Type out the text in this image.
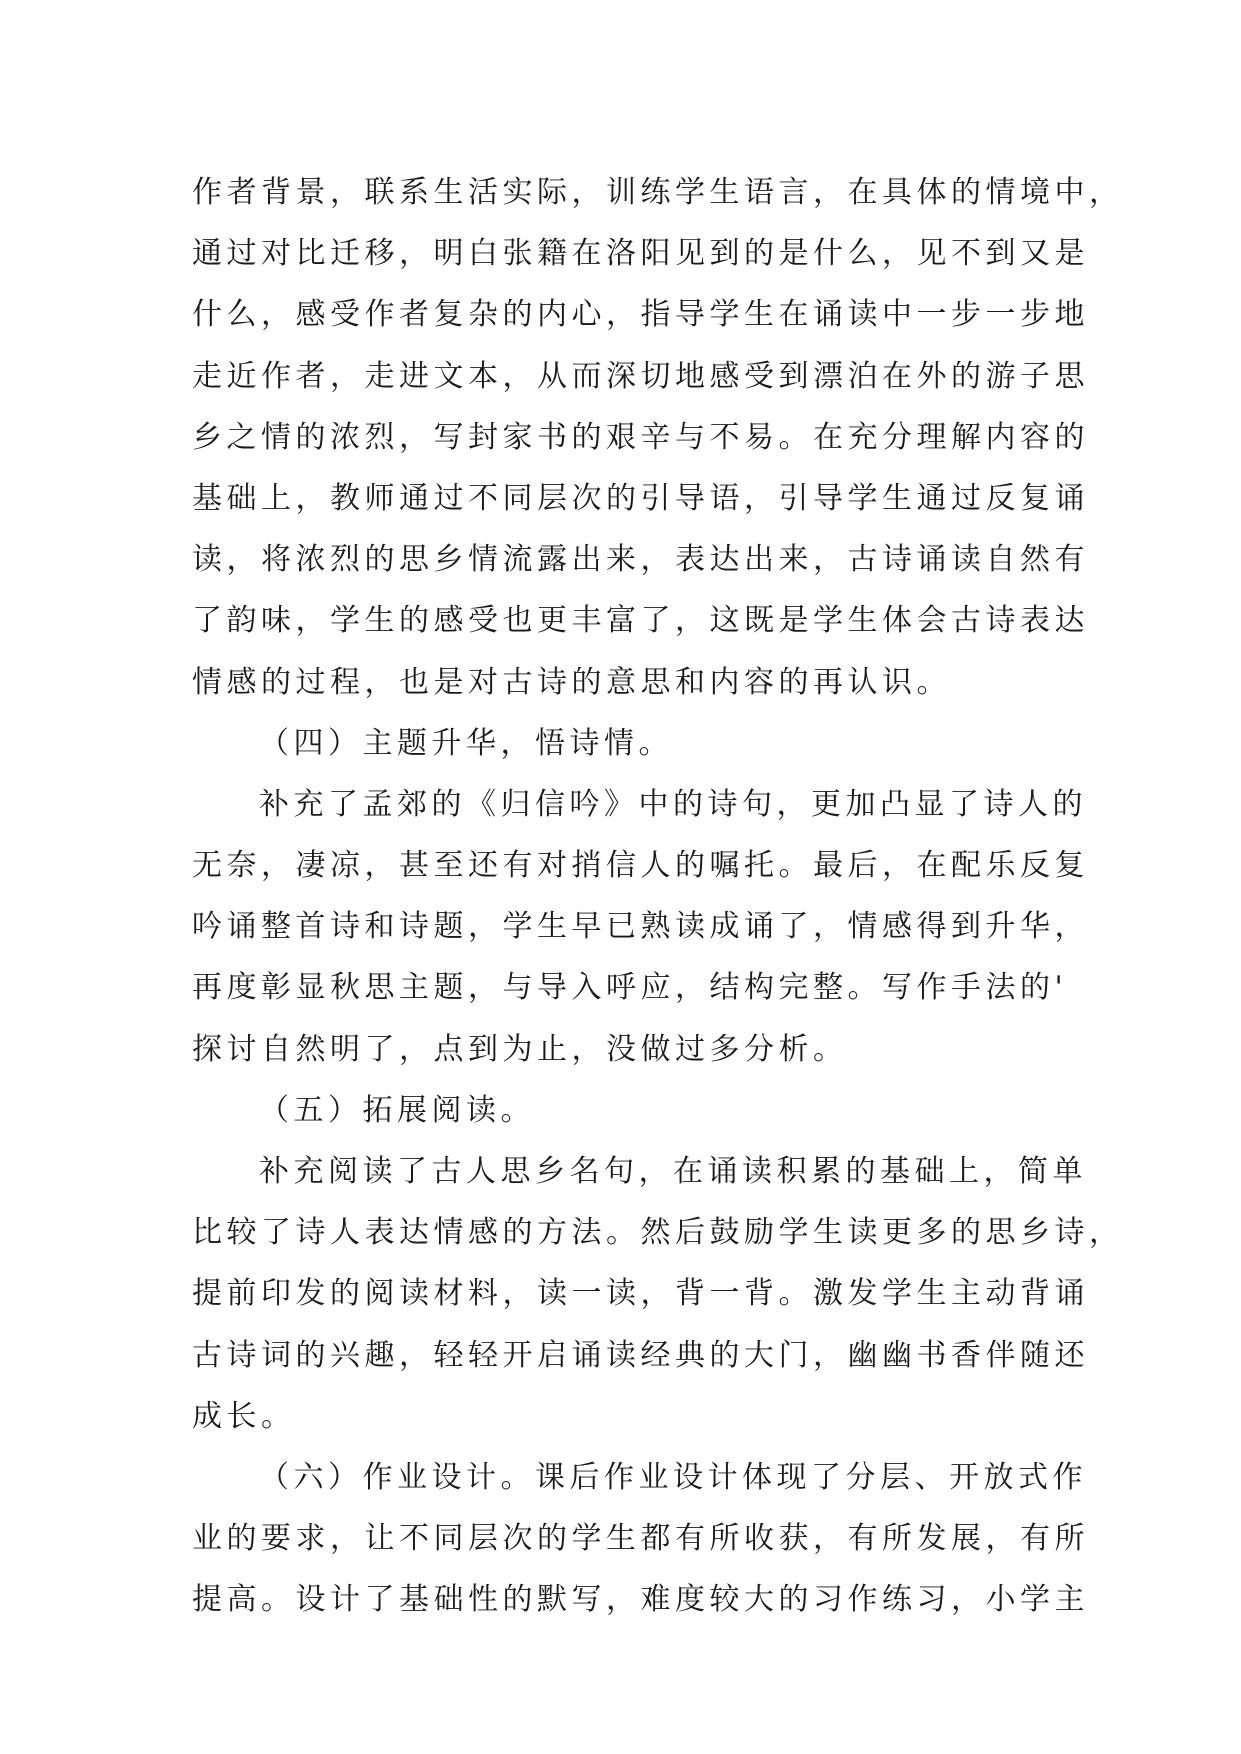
作者背景，联系生活实际，训练学生语言，在具体的情境中，
通过对比迁移，明白张籍在洛阳见到的是什么，见不到又是
什么，感受作者复杂的内心，指导学生在诵读中一步一步地
走近作者，走进文本，从而深切地感受到漂泊在外的游子思
乡之情的浓烈，写封家书的艰辛与不易。在充分理解内容的
基础上，教师通过不同层次的引导语，引导学生通过反复诵
读，将浓烈的思乡情流露出来，表达出来，古诗诵读自然有
了韵味，学生的感受也更丰富了，这既是学生体会古诗表达
情感的过程，也是对古诗的意思和内容的再认识。
（四）主题升华，悟诗情。
补充了孟郊的《归信吟》中的诗句，更加凸显了诗人的
无奈，凄凉，甚至还有对捎信人的嘱托。最后，在配乐反复
吟诵整首诗和诗题，学生早已熟读成诵了，情感得到升华，
再度彰显秋思主题，与导入呼应，结构完整。写作手法的'
探讨自然明了，点到为止，没做过多分析。
（五）拓展阅读。
补充阅读了古人思乡名句，在诵读积累的基础上，简单
比较了诗人表达情感的方法。然后鼓励学生读更多的思乡诗，
提前印发的阅读材料，读一读，背一背。激发学生主动背诵
古诗词的兴趣，轻轻开启诵读经典的大门，幽幽书香伴随还
成长。
（六）作业设计。课后作业设计体现了分层、开放式作
业的要求，让不同层次的学生都有所收获，有所发展，有所
提高。设计了基础性的默写，难度较大的习作练习，小学主
